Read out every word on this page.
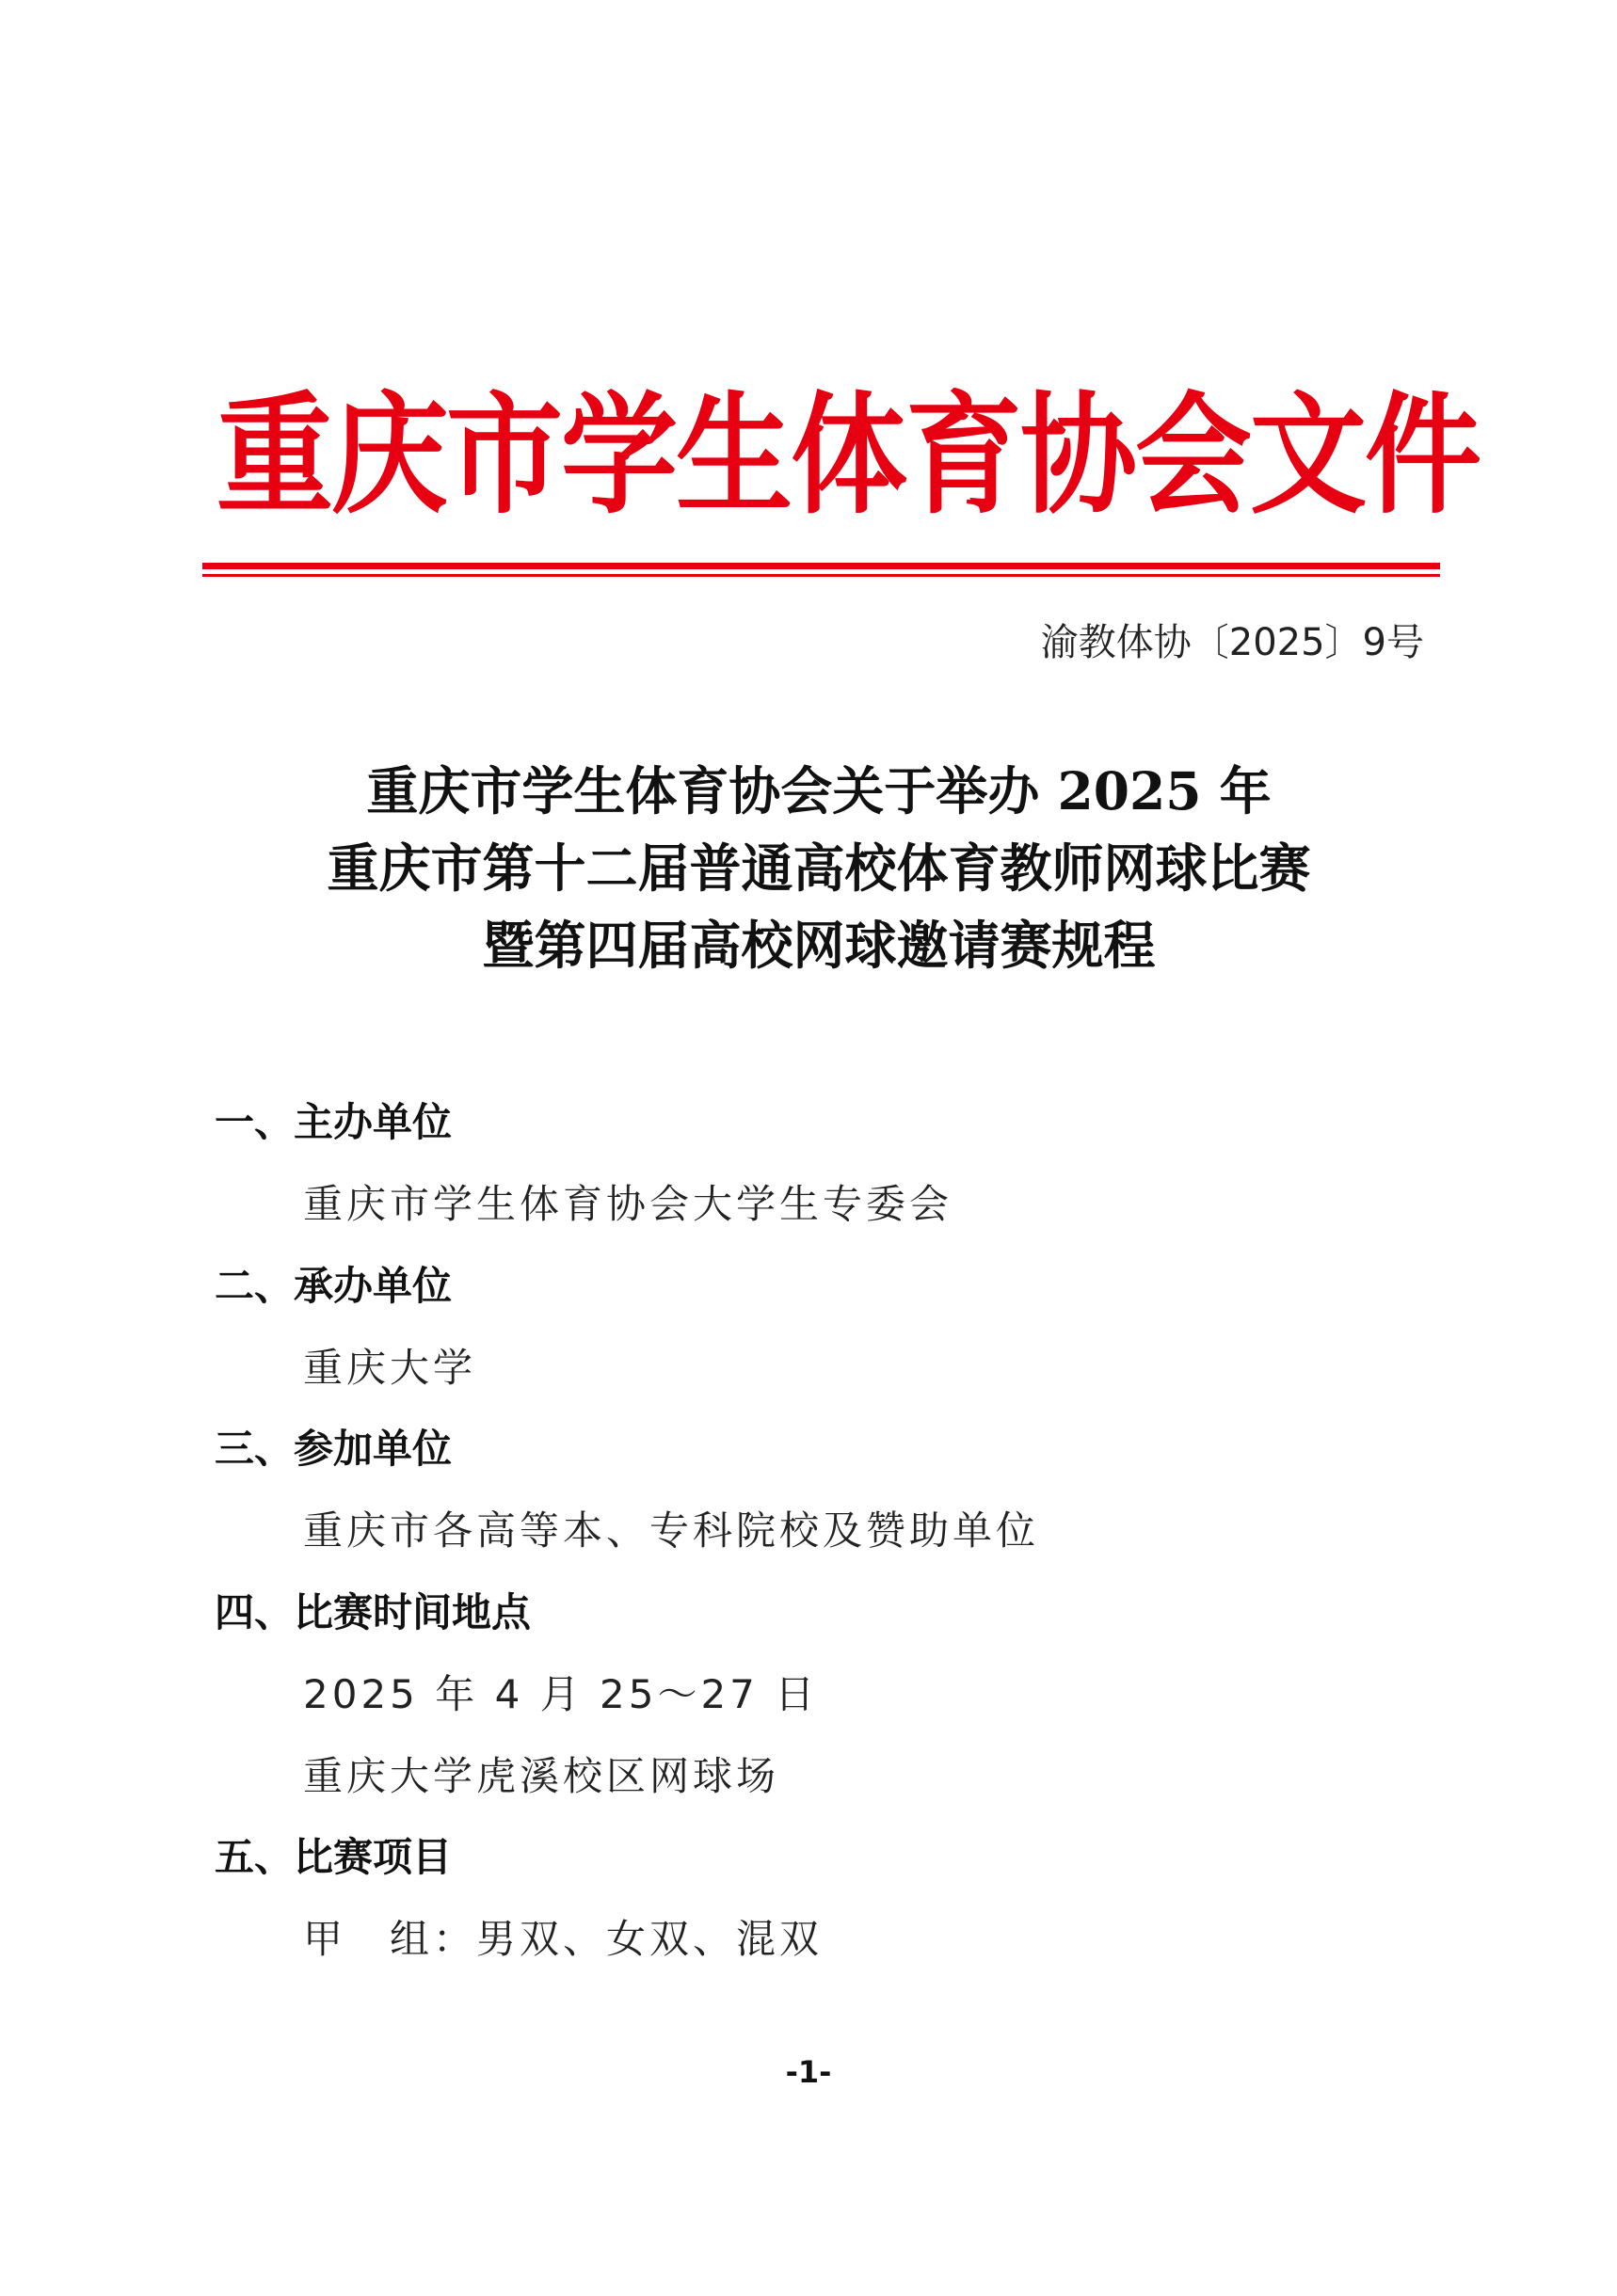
重庆市学生体育协会文件
渝教体协〔2025〕9号
重庆市学生体育协会关于举办 2025 年
重庆市第十二届普通高校体育教师网球比赛
暨第四届高校网球邀请赛规程
一、主办单位
重庆市学生体育协会大学生专委会
二、承办单位
重庆大学
三、参加单位
重庆市各高等本、专科院校及赞助单位
四、比赛时间地点
2025 年 4 月 25～27 日
重庆大学虎溪校区网球场
五、比赛项目
甲　组：男双、女双、混双
-1-
